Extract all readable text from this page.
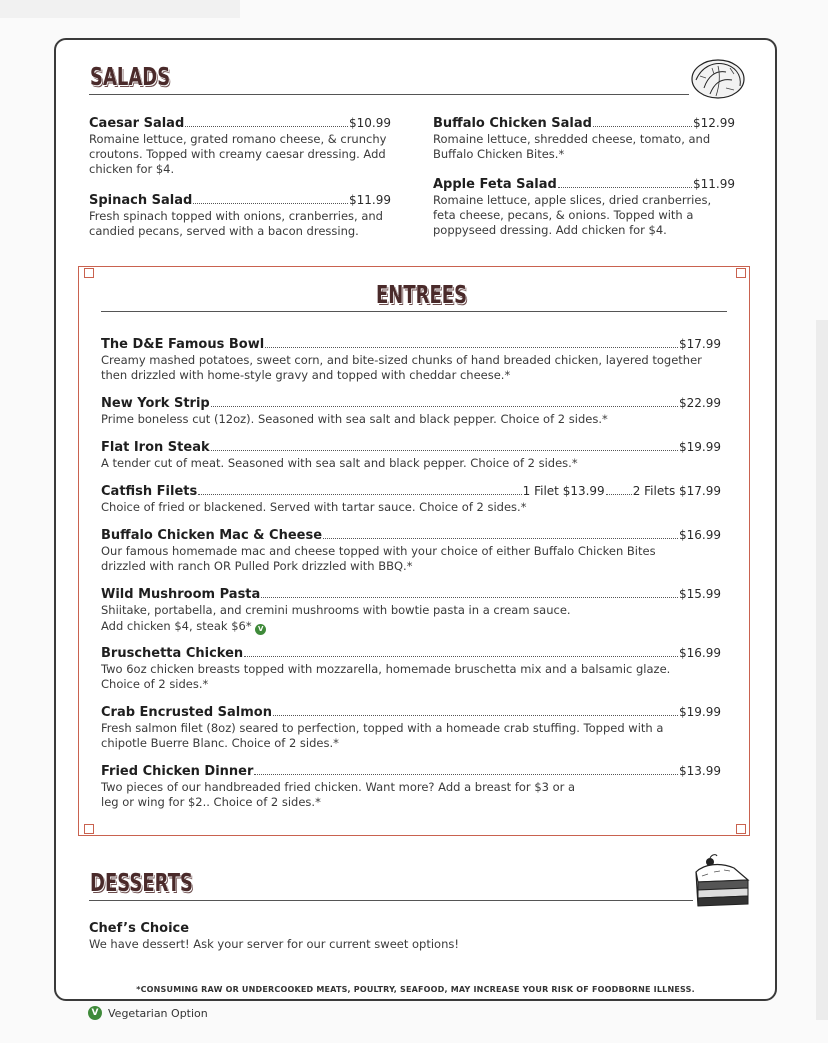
SALADS
Caesar Salad	$10.99
Romaine lettuce, grated romano cheese, & crunchy croutons. Topped with creamy caesar dressing. Add chicken for $4.
Spinach Salad	$11.99
Fresh spinach topped with onions, cranberries, and candied pecans, served with a bacon dressing.
Buffalo Chicken Salad	$12.99
Romaine lettuce, shredded cheese, tomato, and Buffalo Chicken Bites.*
Apple Feta Salad	$11.99
Romaine lettuce, apple slices, dried cranberries, feta cheese, pecans, & onions. Topped with a poppyseed dressing. Add chicken for $4.
ENTREES
The D&E Famous Bowl	$17.99
Creamy mashed potatoes, sweet corn, and bite-sized chunks of hand breaded chicken, layered together then drizzled with home-style gravy and topped with cheddar cheese.*
New York Strip	$22.99
Prime boneless cut (12oz). Seasoned with sea salt and black pepper. Choice of 2 sides.*
Flat Iron Steak	$19.99
A tender cut of meat. Seasoned with sea salt and black pepper. Choice of 2 sides.*
Catfish Filets	1 Filet $13.99 2 Filets $17.99
Choice of fried or blackened. Served with tartar sauce. Choice of 2 sides.*
Buffalo Chicken Mac & Cheese	$16.99
Our famous homemade mac and cheese topped with your choice of either Buffalo Chicken Bites drizzled with ranch OR Pulled Pork drizzled with BBQ.*
Wild Mushroom Pasta	$15.99
Shiitake, portabella, and cremini mushrooms with bowtie pasta in a cream sauce.
Add chicken $4, steak $6* V
Bruschetta Chicken	$16.99
Two 6oz chicken breasts topped with mozzarella, homemade bruschetta mix and a balsamic glaze. Choice of 2 sides.*
Crab Encrusted Salmon	$19.99
Fresh salmon filet (8oz) seared to perfection, topped with a homeade crab stuffing. Topped with a chipotle Buerre Blanc. Choice of 2 sides.*
Fried Chicken Dinner	$13.99
Two pieces of our handbreaded fried chicken. Want more? Add a breast for $3 or a leg or wing for $2.. Choice of 2 sides.*
DESSERTS
Chef’s Choice
We have dessert! Ask your server for our current sweet options!
*CONSUMING RAW OR UNDERCOOKED MEATS, POULTRY, SEAFOOD, MAY INCREASE YOUR RISK OF FOODBORNE ILLNESS.
V Vegetarian Option
